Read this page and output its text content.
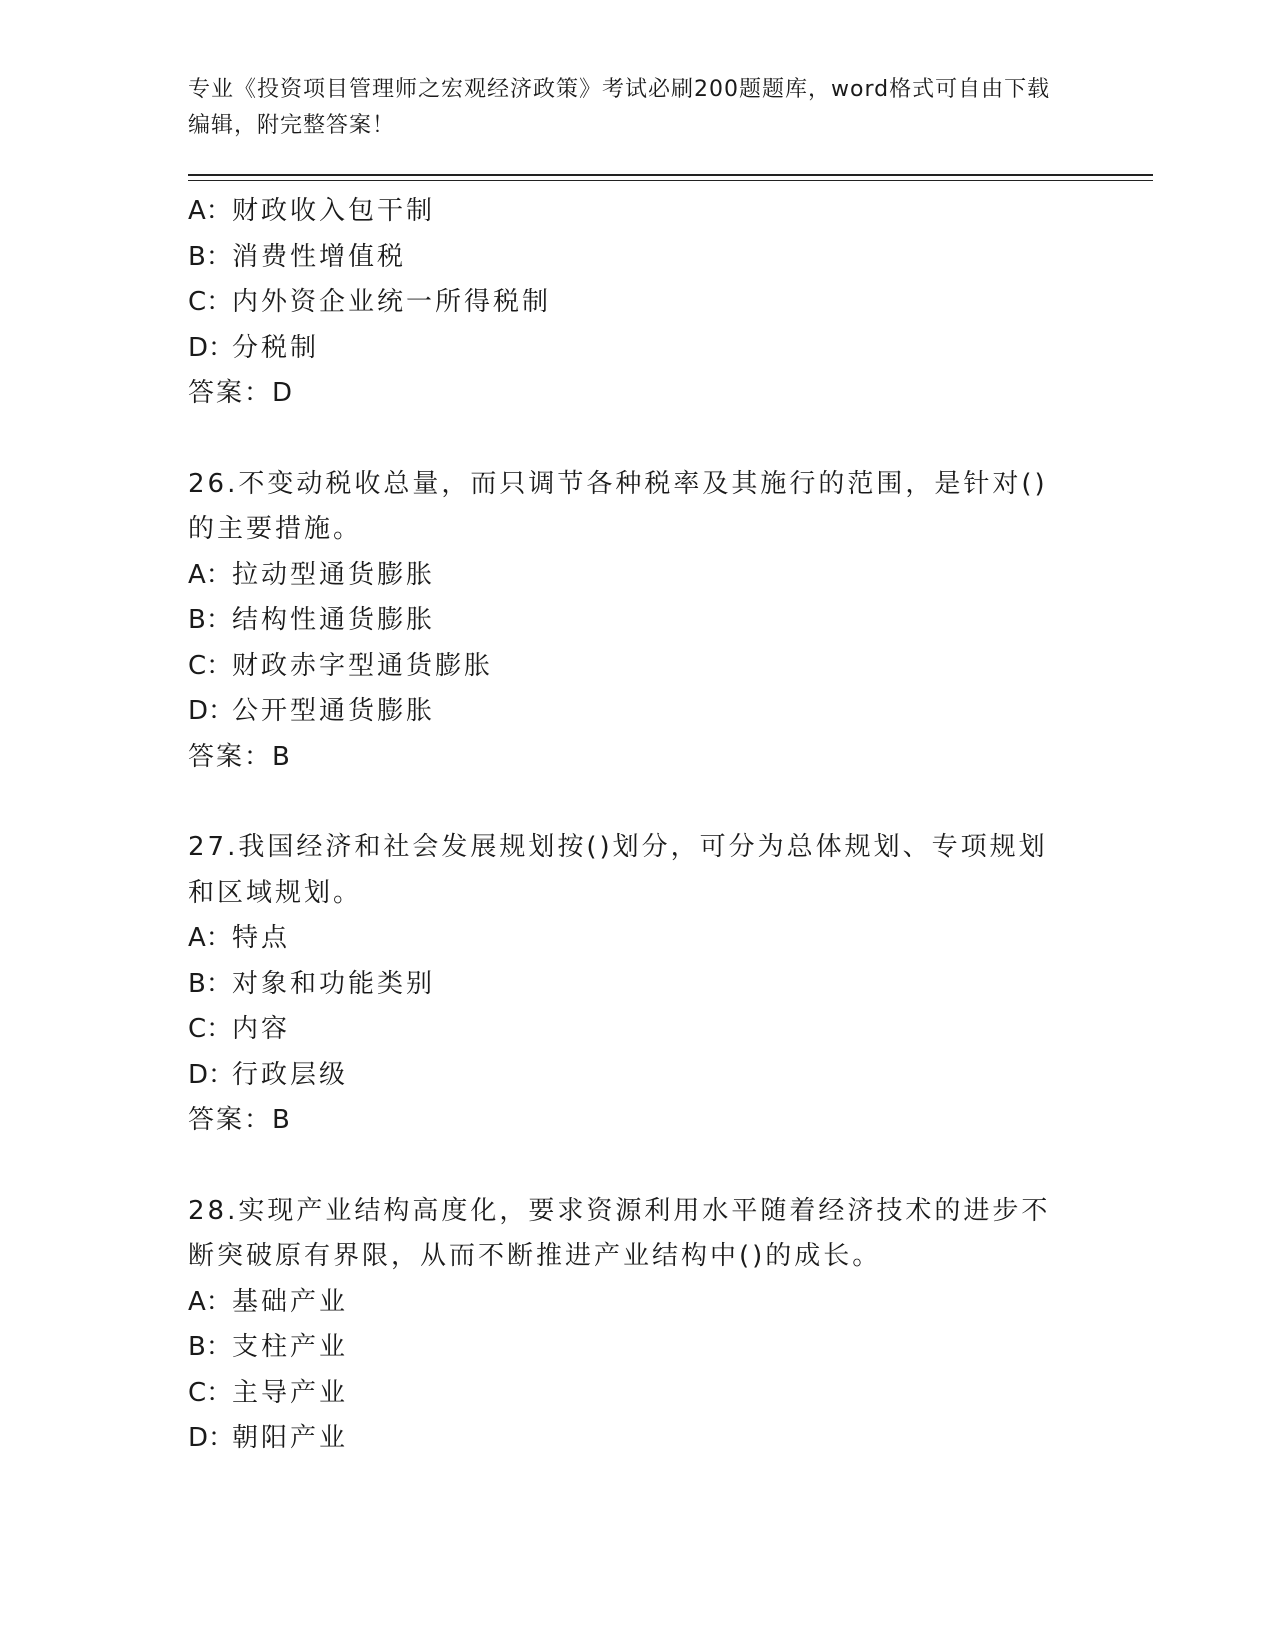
专业《投资项目管理师之宏观经济政策》考试必刷200题题库，word格式可自由下载编辑，附完整答案！

A：财政收入包干制
B：消费性增值税
C：内外资企业统一所得税制
D：分税制
答案：D

26.不变动税收总量，而只调节各种税率及其施行的范围，是针对()的主要措施。

A：拉动型通货膨胀
B：结构性通货膨胀
C：财政赤字型通货膨胀
D：公开型通货膨胀
答案：B

27.我国经济和社会发展规划按()划分，可分为总体规划、专项规划和区域规划。

A：特点
B：对象和功能类别
C：内容
D：行政层级
答案：B

28.实现产业结构高度化，要求资源利用水平随着经济技术的进步不断突破原有界限，从而不断推进产业结构中()的成长。

A：基础产业
B：支柱产业
C：主导产业
D：朝阳产业
